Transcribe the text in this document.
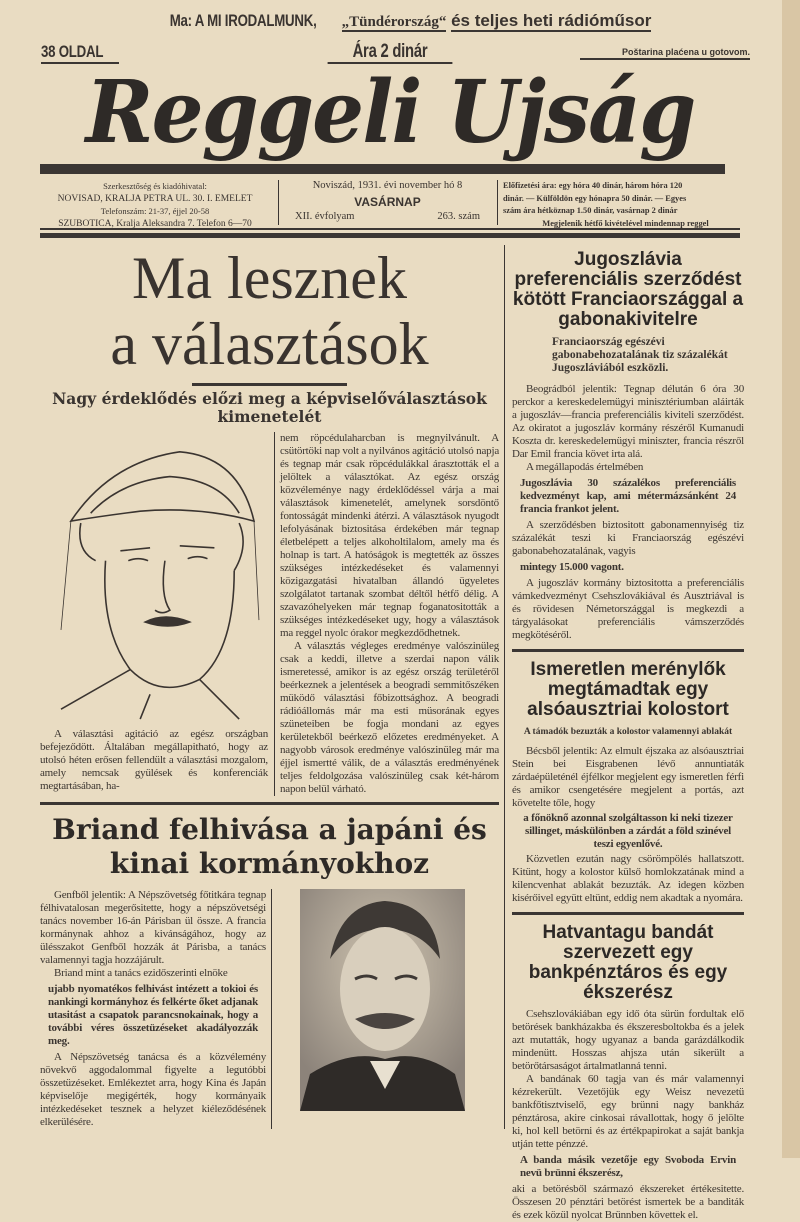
Ma: A MI IRODALMUNK, „Tündérország“ és teljes heti rádióműsor
38 OLDAL	Ára 2 dinár	Poštarina plaćena u gotovom.
Reggeli Ujság
Szerkesztőség és kiadóhivatal:
NOVISAD, KRALJA PETRA UL. 30. I. EMELET
Telefonszám: 21-37, éjjel 20-58
SZUBOTICA, Kralja Aleksandra 7. Telefon 6—70
Noviszád, 1931. évi november hó 8
VASÁRNAP
XII. évfolyam	263. szám
Előfizetési ára: egy hóra 40 dinár, három hóra 120
dinár. — Külföldön egy hónapra 50 dinár. — Egyes
szám ára hétköznap 1.50 dinár, vasárnap 2 dinár
Megjelenik hétfő kivételével mindennap reggel
Ma lesznek
a választások
Nagy érdeklődés előzi meg a képviselőválasztások kimenetelét

A választási agitáció az egész országban befejeződött. Általában megállapitható, hogy az utolsó héten erősen fellendült a választási mozgalom, amely nemcsak gyülések és konferenciák megtartásában, ha-

nem röpcédulaharcban is megnyilvánult. A csütörtöki nap volt a nyilvános agitáció utolsó napja és tegnap már csak röpcédulákkal árasztották el a jelöltek a választókat. Az egész ország közvéleménye nagy érdeklődéssel várja a mai választások kimenetelét, amelynek sorsdöntő fontosságát mindenki átérzi. A választások nyugodt lefolyásának biztositása érdekében már tegnap életbelépett a teljes alkoholtilalom, amely ma és holnap is tart. A hatóságok is megtették az összes szükséges intézkedéseket és valamennyi közigazgatási hivatalban állandó ügyeletes szolgálatot tartanak szombat déltől hétfő délig. A szavazóhelyeken már tegnap foganatositották a szükséges intézkedéseket ugy, hogy a választások ma reggel nyolc órakor megkezdődhetnek.

A választás végleges eredménye valószinüleg csak a keddi, illetve a szerdai napon válik ismeretessé, amikor is az egész ország területéről beérkeznek a jelentések a beogradi semmitőszéken müködő választási főbizottsághoz. A beogradi rádióállomás már ma esti müsorának egyes szüneteiben be fogja mondani az egyes kerületekből beérkező előzetes eredményeket. A nagyobb városok eredménye valószinüleg már ma éjjel ismertté válik, de a választás eredményének teljes feldolgozása valószinüleg csak két-három napon belül várható.

Briand felhivása a japáni és kinai kormányokhoz

Genfből jelentik: A Népszövetség főtitkára tegnap félhivatalosan megerősitette, hogy a népszövetségi tanács november 16-án Párisban ül össze. A francia kormánynak ahhoz a kivánságához, hogy az ülésszakot Genfből hozzák át Párisba, a tanács valamennyi tagja hozzájárult.

Briand mint a tanács ezidőszerinti elnöke

ujabb nyomatékos felhivást intézett a tokioi és nankingi kormányhoz és felkérte őket adjanak utasitást a csapatok parancsnokainak, hogy a további véres összetüzéseket akadályozzák meg.

A Népszövetség tanácsa és a közvélemény növekvő aggodalommal figyelte a legutóbbi összetüzéseket. Emlékeztet arra, hogy Kina és Japán képviselője megigérték, hogy kormányaik intézkedéseket tesznek a helyzet kiéleződésének elkerülésére.

Jugoszlávia preferenciális szerződést kötött Franciaországgal a gabonakivitelre
Franciaország egészévi gabonabehozatalának tiz százalékát Jugoszláviából eszközli.

Beográdból jelentik: Tegnap délután 6 óra 30 perckor a kereskedelemügyi minisztériumban aláirták a jugoszláv—francia preferenciális kiviteli szerződést. Az okiratot a jugoszláv kormány részéről Kumanudi Koszta dr. kereskedelemügyi miniszter, francia részről Dar Emil francia követ irta alá.

A megállapodás értelmében

Jugoszlávia 30 százalékos preferenciális kedvezményt kap, ami métermázsánként 24 francia frankot jelent.

A szerződésben biztositott gabonamennyiség tiz százalékát teszi ki Franciaország egészévi gabonabehozatalának, vagyis

mintegy 15.000 vagont.

A jugoszláv kormány biztositotta a preferenciális vámkedvezményt Csehszlovákiával és Ausztriával is és rövidesen Németországgal is megkezdi a tárgyalásokat preferenciális vámszerződés megkötéséről.

Ismeretlen merénylők megtámadtak egy alsóausztriai kolostort
A támadók bezuzták a kolostor valamennyi ablakát

Bécsből jelentik: Az elmult éjszaka az alsóausztriai Stein bei Eisgrabenen lévő annuntiaták zárdaépületénél éjfélkor megjelent egy ismeretlen férfi és amikor csengetésére megjelent a portás, azt követelte tőle, hogy

a főnöknő azonnal szolgáltasson ki neki tizezer sillinget, máskülönben a zárdát a föld szinével teszi egyenlővé.

Közvetlen ezután nagy csörömpölés hallatszott. Kitünt, hogy a kolostor külső homlokzatának mind a kilencvenhat ablakát bezuzták. Az idegen közben kisérőivel együtt eltünt, eddig nem akadtak a nyomára.

Hatvantagu bandát szervezett egy bankpénztáros és egy ékszerész

Csehszlovákiában egy idő óta sürün fordultak elő betörések bankházakba és ékszeresboltokba és a jelek azt mutatták, hogy ugyanaz a banda garázdálkodik mindenütt. Hosszas ahjsza után sikerült a betörőtársaságot ártalmatlanná tenni.

A bandának 60 tagja van és már valamennyi kézrekerült. Vezetőjük egy Weisz nevezetü bankfőtisztviselő, egy brünni nagy bankház pénztárosa, akire cinkosai rávallottak, hogy ő jelölte ki, hol kell betörni és az értékpapirokat a saját bankja utján tette pénzzé.

A banda másik vezetője egy Svoboda Ervin nevü brünni ékszerész,

aki a betörésből származó ékszereket értékesitette. Összesen 20 pénztári betörést ismertek be a banditák és ezek közül nyolcat Brünnben követtek el.
